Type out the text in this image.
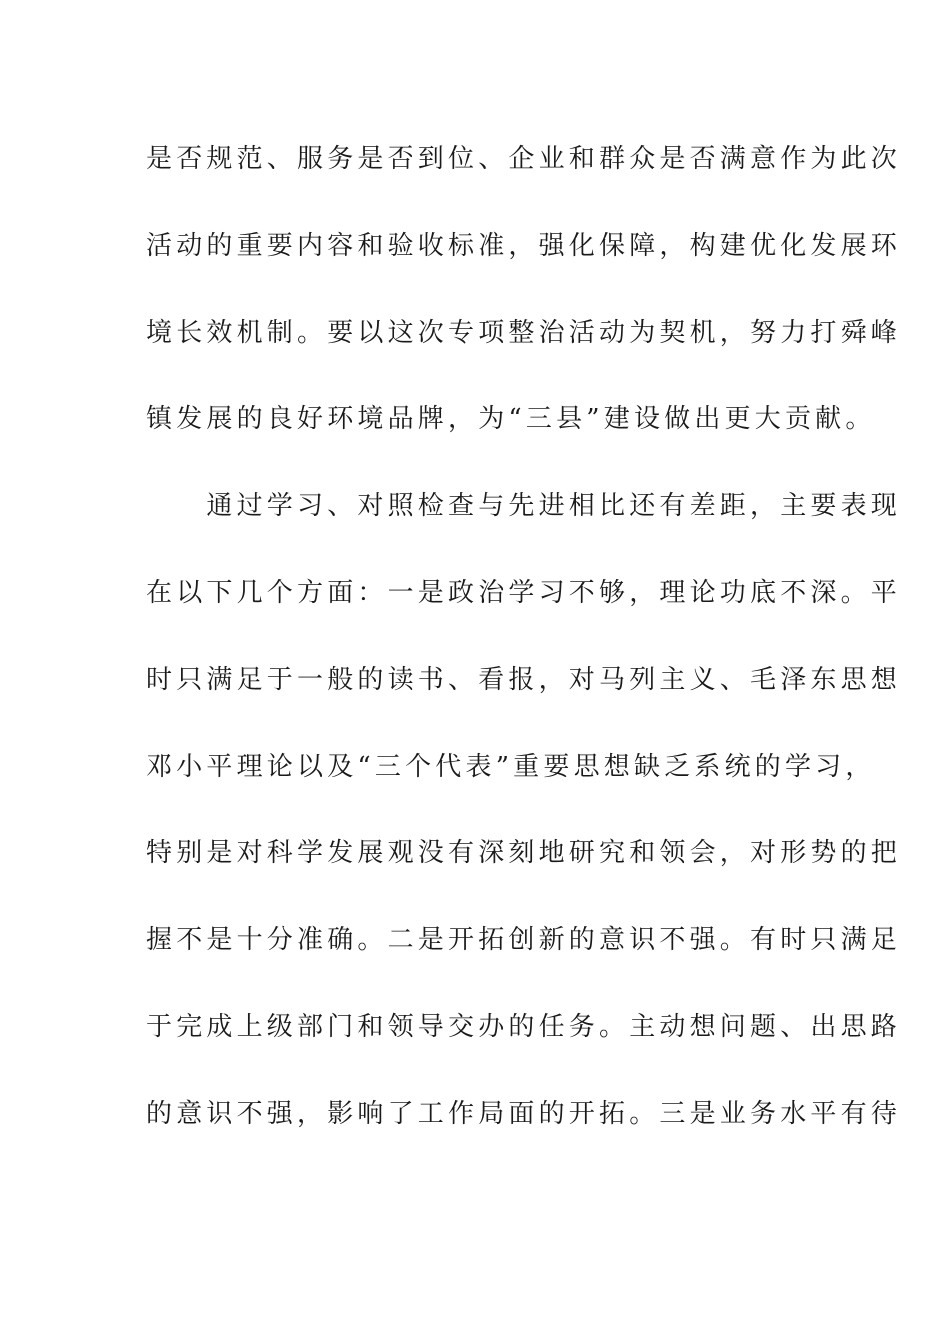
是否规范、服务是否到位、企业和群众是否满意作为此次
活动的重要内容和验收标准，强化保障，构建优化发展环
境长效机制。要以这次专项整治活动为契机，努力打舜峰
镇发展的良好环境品牌，为“三县”建设做出更大贡献。
　　通过学习、对照检查与先进相比还有差距，主要表现
在以下几个方面：一是政治学习不够，理论功底不深。平
时只满足于一般的读书、看报，对马列主义、毛泽东思想
邓小平理论以及“三个代表”重要思想缺乏系统的学习，
特别是对科学发展观没有深刻地研究和领会，对形势的把
握不是十分准确。二是开拓创新的意识不强。有时只满足
于完成上级部门和领导交办的任务。主动想问题、出思路
的意识不强，影响了工作局面的开拓。三是业务水平有待
